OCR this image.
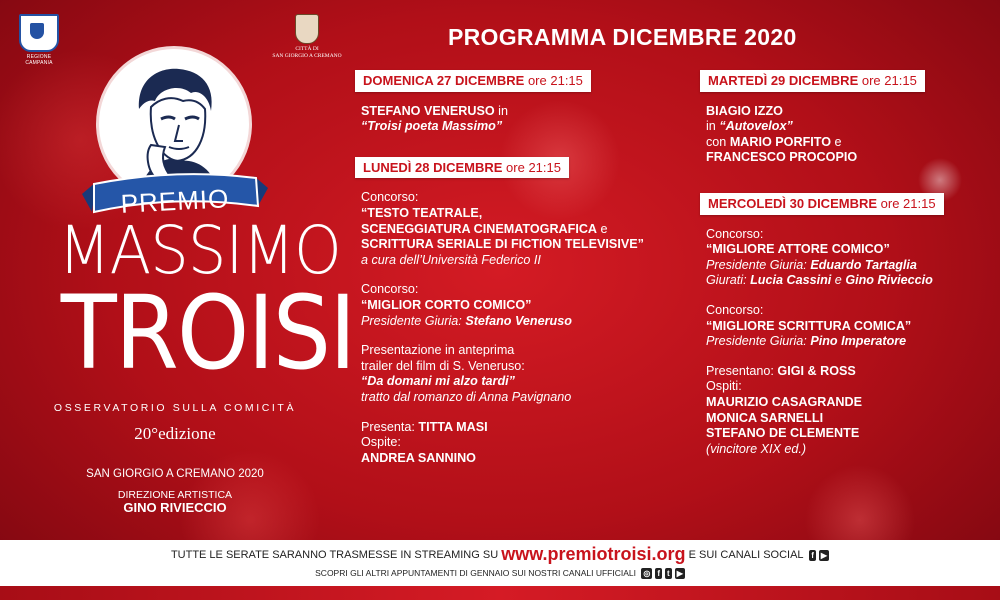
REGIONE CAMPANIA
CITTÀ DI
SAN GIORGIO A CREMANO
PREMIO
MASSIMO
TROISI
OSSERVATORIO SULLA COMICITÀ
20°edizione
SAN GIORGIO A CREMANO 2020
DIREZIONE ARTISTICA
GINO RIVIECCIO
PROGRAMMA DICEMBRE 2020
DOMENICA 27 DICEMBRE ore 21:15
STEFANO VENERUSO in
“Troisi poeta Massimo”
LUNEDÌ 28 DICEMBRE ore 21:15
Concorso:
“TESTO TEATRALE,
SCENEGGIATURA CINEMATOGRAFICA e
SCRITTURA SERIALE DI FICTION TELEVISIVE”
a cura dell’Università Federico II
Concorso:
“MIGLIOR CORTO COMICO”
Presidente Giuria: Stefano Veneruso
Presentazione in anteprima
trailer del film di S. Veneruso:
“Da domani mi alzo tardi”
tratto dal romanzo di Anna Pavignano
Presenta: TITTA MASI
Ospite:
ANDREA SANNINO
MARTEDÌ 29 DICEMBRE ore 21:15
BIAGIO IZZO
in “Autovelox”
con MARIO PORFITO e
FRANCESCO PROCOPIO
MERCOLEDÌ 30 DICEMBRE ore 21:15
Concorso:
“MIGLIORE ATTORE COMICO”
Presidente Giuria: Eduardo Tartaglia
Giurati: Lucia Cassini e Gino Rivieccio
Concorso:
“MIGLIORE SCRITTURA COMICA”
Presidente Giuria: Pino Imperatore
Presentano: GIGI & ROSS
Ospiti:
MAURIZIO CASAGRANDE
MONICA SARNELLI
STEFANO DE CLEMENTE
(vincitore XIX ed.)
TUTTE LE SERATE SARANNO TRASMESSE IN STREAMING SU www.premiotroisi.org E SUI CANALI SOCIAL f ▶
SCOPRI GLI ALTRI APPUNTAMENTI DI GENNAIO SUI NOSTRI CANALI UFFICIALI ◎ f t ▶
